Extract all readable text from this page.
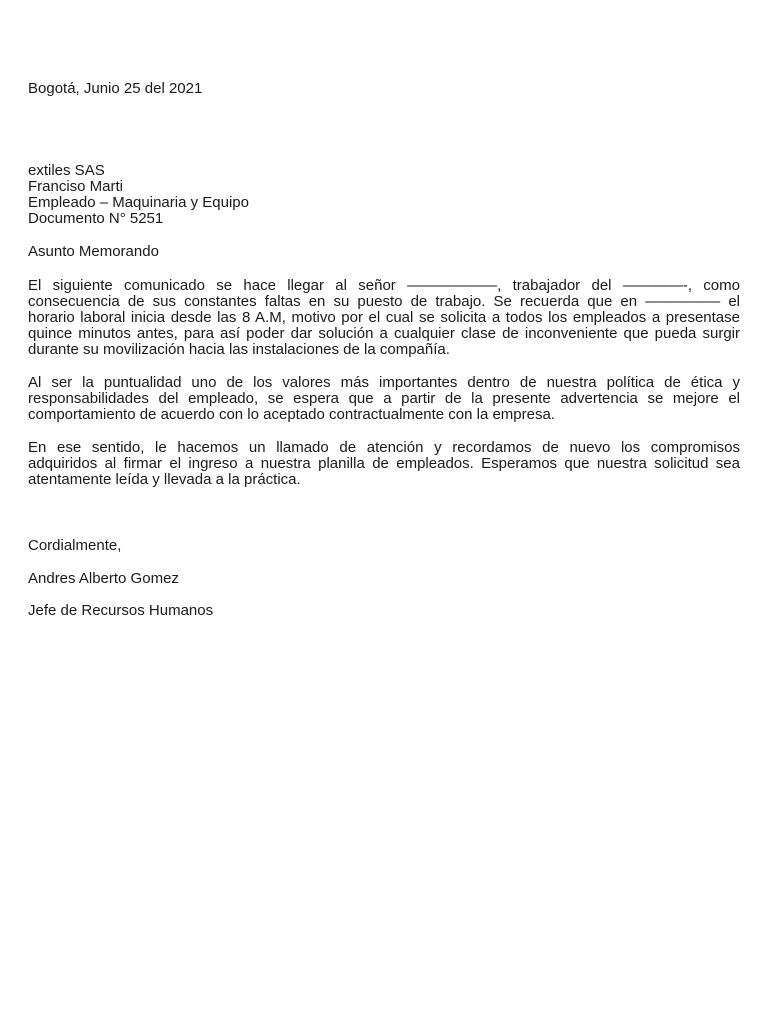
Bogotá, Junio 25 del 2021
extiles SAS
Franciso Marti
Empleado – Maquinaria y Equipo
Documento N° 5251
Asunto Memorando
El siguiente comunicado se hace llegar al señor ——————, trabajador del ————-, como
consecuencia de sus constantes faltas en su puesto de trabajo. Se recuerda que en ————— el
horario laboral inicia desde las 8 A.M, motivo por el cual se solicita a todos los empleados a presentase
quince minutos antes, para así poder dar solución a cualquier clase de inconveniente que pueda surgir
durante su movilización hacia las instalaciones de la compañía.
Al ser la puntualidad uno de los valores más importantes dentro de nuestra política de ética y
responsabilidades del empleado, se espera que a partir de la presente advertencia se mejore el
comportamiento de acuerdo con lo aceptado contractualmente con la empresa.
En ese sentido, le hacemos un llamado de atención y recordamos de nuevo los compromisos
adquiridos al firmar el ingreso a nuestra planilla de empleados. Esperamos que nuestra solicitud sea
atentamente leída y llevada a la práctica.
Cordialmente,
Andres Alberto Gomez
Jefe de Recursos Humanos
